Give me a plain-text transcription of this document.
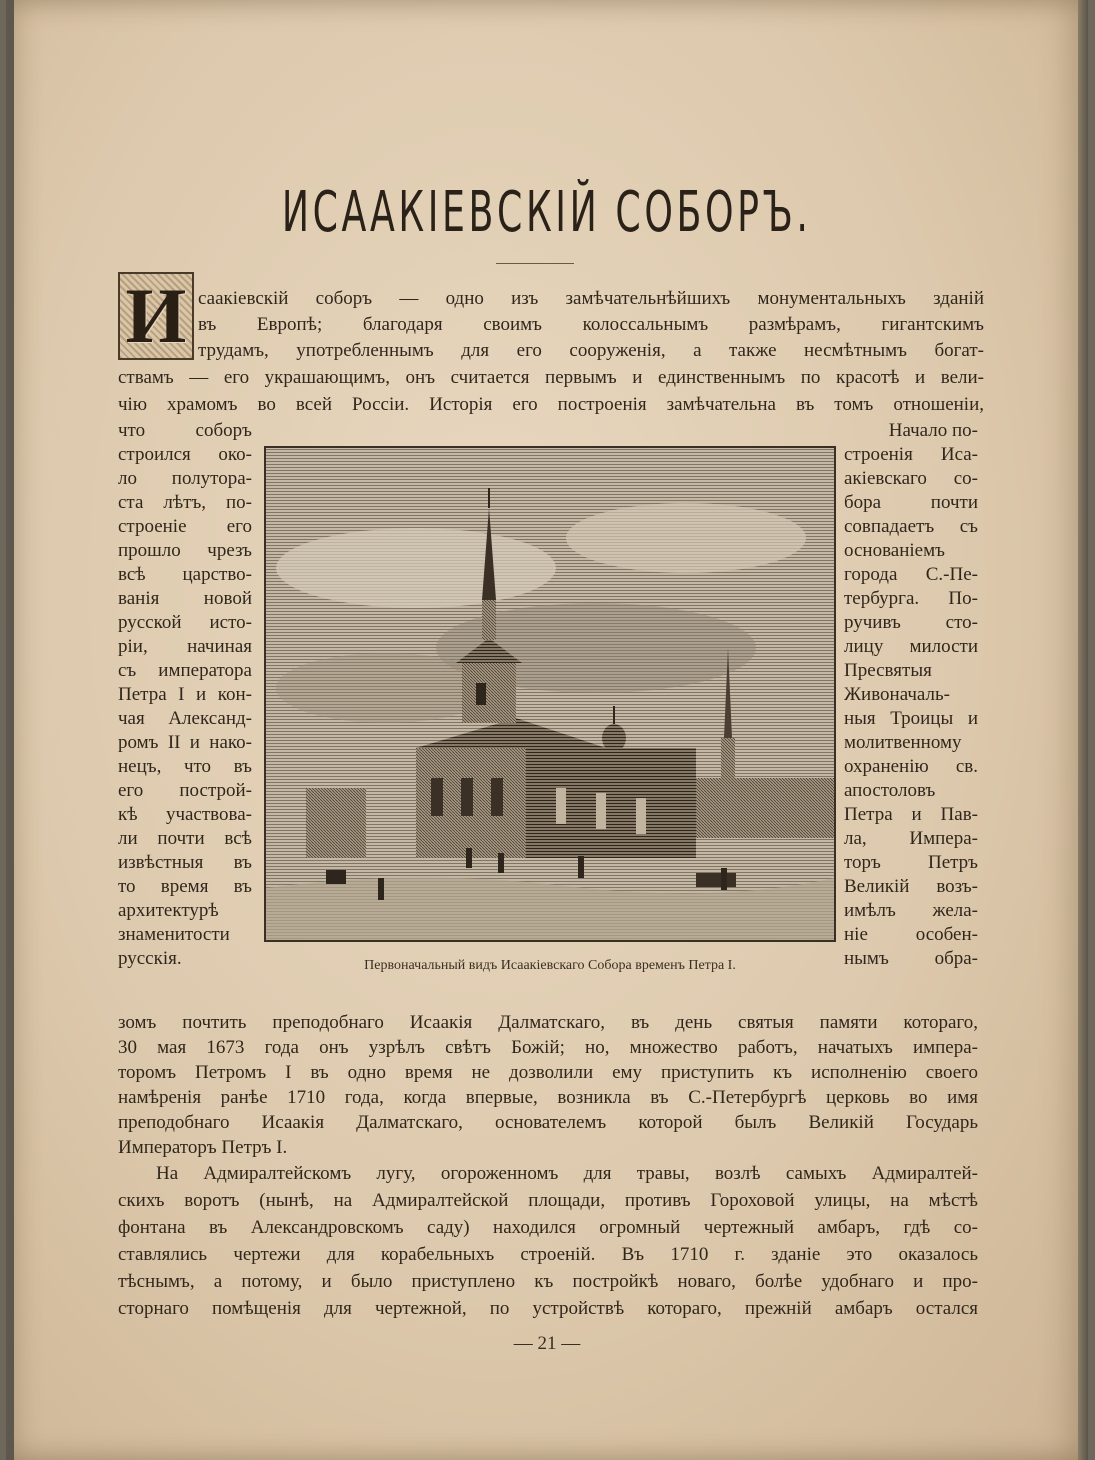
ИСААКІЕВСКІЙ СОБОРЪ.
И саакіевскій соборъ — одно изъ замѣчательнѣйшихъ монументальныхъ зданій
въ Европѣ; благодаря своимъ колоссальнымъ размѣрамъ, гигантскимъ
трудамъ, употребленнымъ для его сооруженія, а также несмѣтнымъ богат-
ствамъ — его украшающимъ, онъ считается первымъ и единственнымъ по красотѣ и вели-
чію храмомъ во всей Россіи. Исторія его построенія замѣчательна въ томъ отношеніи,
что соборъ
строился око-
ло полутора-
ста лѣтъ, по-
строеніе его
прошло чрезъ
всѣ царство-
ванія новой
русской исто-
ріи, начиная
съ императора
Петра I и кон-
чая Александ-
ромъ II и нако-
нецъ, что въ
его построй-
кѣ участвова-
ли почти всѣ
извѣстныя въ
то время въ
архитектурѣ
знаменитости
русскія.
Начало по-
строенія Иса-
акіевскаго со-
бора почти
совпадаетъ съ
основаніемъ
города С.-Пе-
тербурга. По-
ручивъ сто-
лицу милости
Пресвятыя
Живоначаль-
ныя Троицы и
молитвенному
охраненію св.
апостоловъ
Петра и Пав-
ла, Импера-
торъ Петръ
Великій возъ-
имѣлъ жела-
ніе особен-
нымъ обра-
Первоначальный видъ Исаакіевскаго Собора временъ Петра I.
зомъ почтить преподобнаго Исаакія Далматскаго, въ день святыя памяти котораго,
30 мая 1673 года онъ узрѣлъ свѣтъ Божій; но, множество работъ, начатыхъ импера-
торомъ Петромъ I въ одно время не дозволили ему приступить къ исполненію своего
намѣренія ранѣе 1710 года, когда впервые, возникла въ С.-Петербургѣ церковь во имя
преподобнаго Исаакія Далматскаго, основателемъ которой былъ Великій Государь
Императоръ Петръ I.
На Адмиралтейскомъ лугу, огороженномъ для травы, возлѣ самыхъ Адмиралтей-
скихъ воротъ (нынѣ, на Адмиралтейской площади, противъ Гороховой улицы, на мѣстѣ
фонтана въ Александровскомъ саду) находился огромный чертежный амбаръ, гдѣ со-
ставлялись чертежи для корабельныхъ строеній. Въ 1710 г. зданіе это оказалось
тѣснымъ, а потому, и было приступлено къ постройкѣ новаго, болѣе удобнаго и про-
сторнаго помѣщенія для чертежной, по устройствѣ котораго, прежній амбаръ остался
— 21 —
